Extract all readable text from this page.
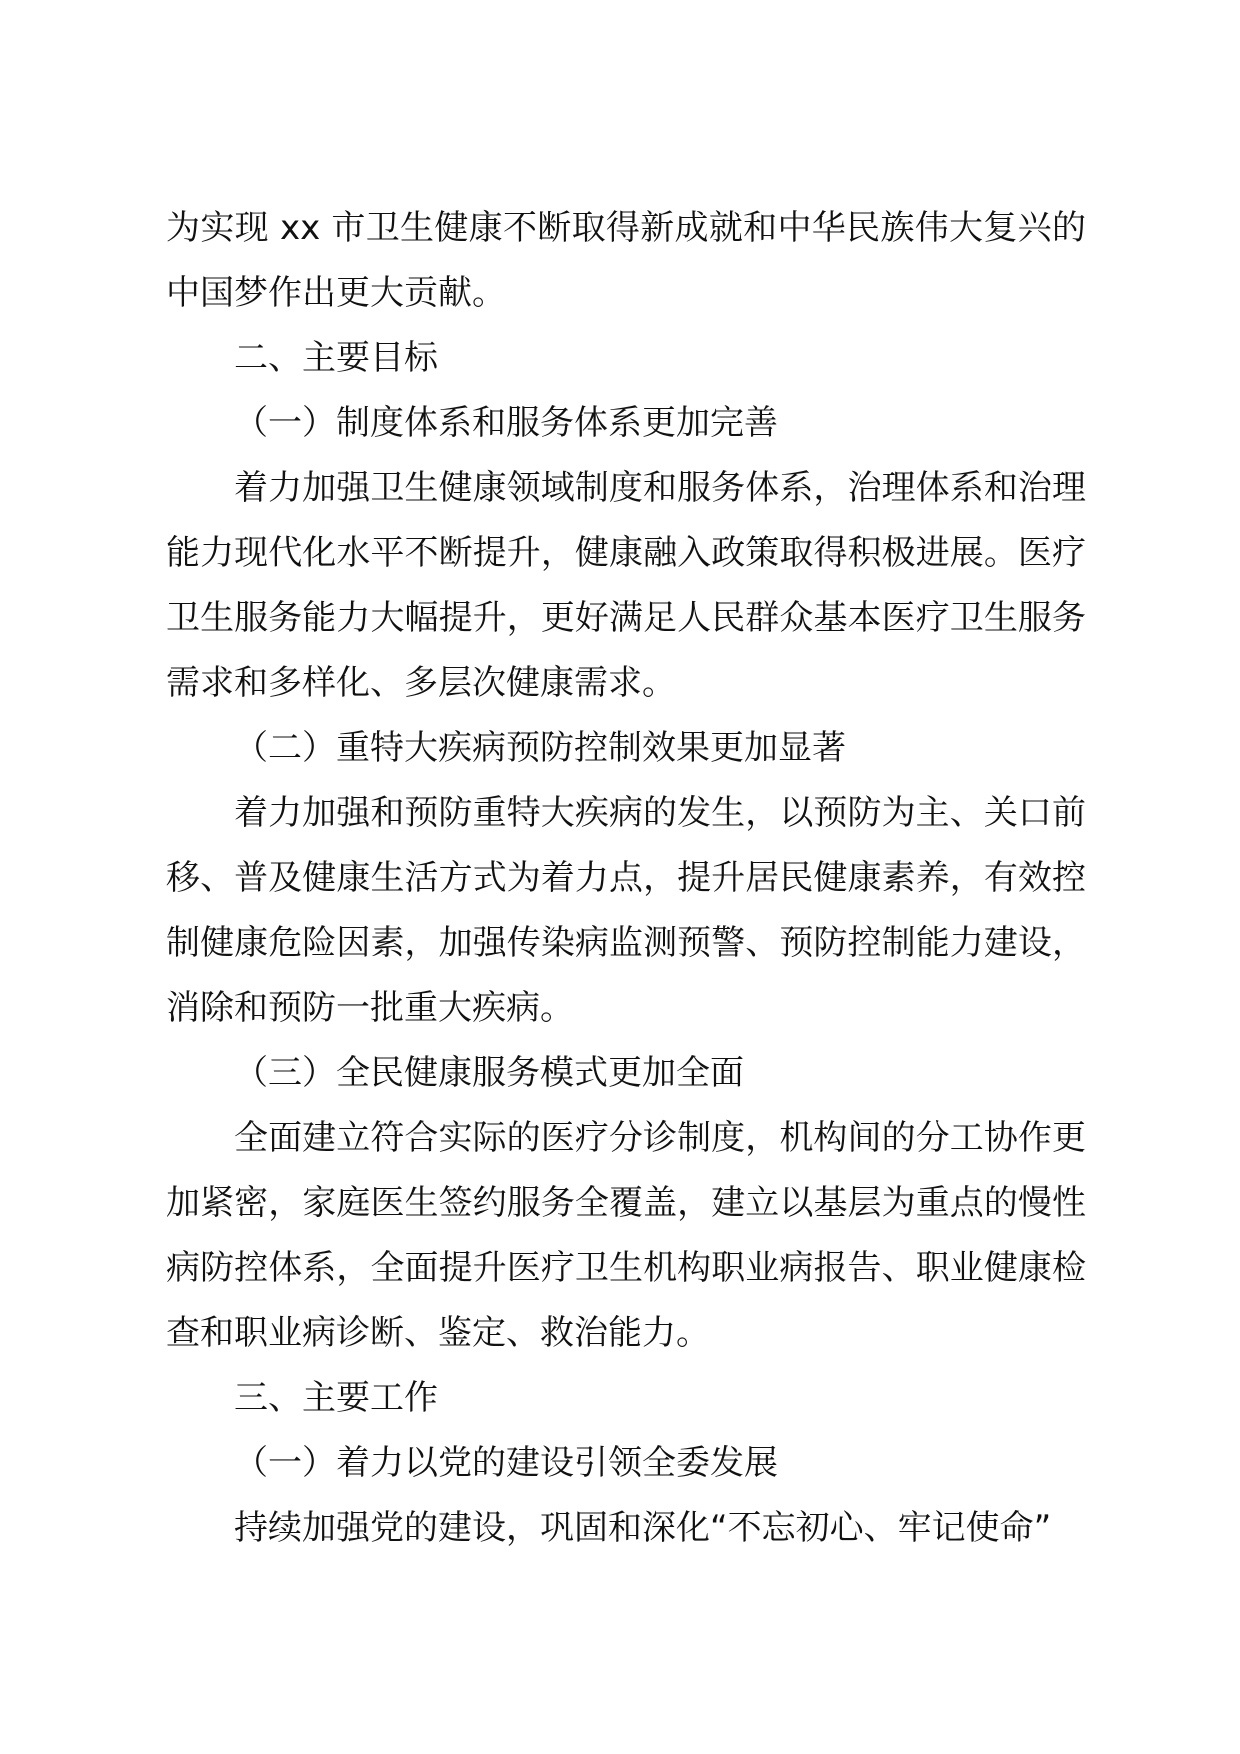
为实现 xx 市卫生健康不断取得新成就和中华民族伟大复兴的中国梦作出更大贡献。

二、主要目标

（一）制度体系和服务体系更加完善

着力加强卫生健康领域制度和服务体系，治理体系和治理能力现代化水平不断提升，健康融入政策取得积极进展。医疗卫生服务能力大幅提升，更好满足人民群众基本医疗卫生服务需求和多样化、多层次健康需求。

（二）重特大疾病预防控制效果更加显著

着力加强和预防重特大疾病的发生，以预防为主、关口前移、普及健康生活方式为着力点，提升居民健康素养，有效控制健康危险因素，加强传染病监测预警、预防控制能力建设，消除和预防一批重大疾病。

（三）全民健康服务模式更加全面

全面建立符合实际的医疗分诊制度，机构间的分工协作更加紧密，家庭医生签约服务全覆盖，建立以基层为重点的慢性病防控体系，全面提升医疗卫生机构职业病报告、职业健康检查和职业病诊断、鉴定、救治能力。

三、主要工作

（一）着力以党的建设引领全委发展

持续加强党的建设，巩固和深化“不忘初心、牢记使命”
